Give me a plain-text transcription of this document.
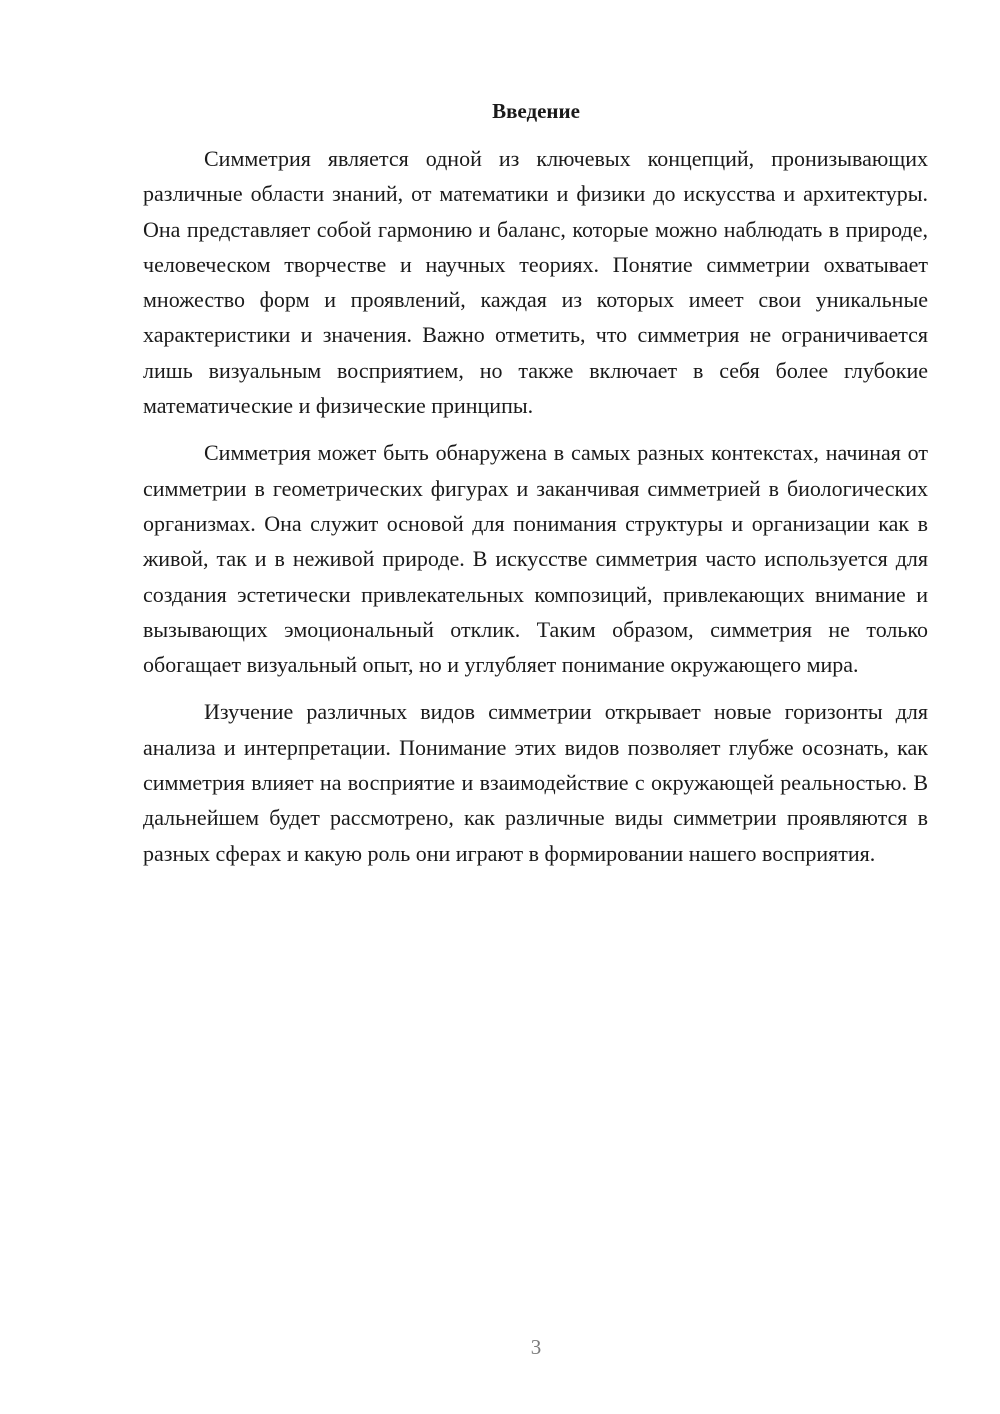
Введение

Симметрия является одной из ключевых концепций, пронизывающих различные области знаний, от математики и физики до искусства и архитектуры. Она представляет собой гармонию и баланс, которые можно наблюдать в природе, человеческом творчестве и научных теориях. Понятие симметрии охватывает множество форм и проявлений, каждая из которых имеет свои уникальные характеристики и значения. Важно отметить, что симметрия не ограничивается лишь визуальным восприятием, но также включает в себя более глубокие математические и физические принципы.

Симметрия может быть обнаружена в самых разных контекстах, начиная от симметрии в геометрических фигурах и заканчивая симметрией в биологических организмах. Она служит основой для понимания структуры и организации как в живой, так и в неживой природе. В искусстве симметрия часто используется для создания эстетически привлекательных композиций, привлекающих внимание и вызывающих эмоциональный отклик. Таким образом, симметрия не только обогащает визуальный опыт, но и углубляет понимание окружающего мира.

Изучение различных видов симметрии открывает новые горизонты для анализа и интерпретации. Понимание этих видов позволяет глубже осознать, как симметрия влияет на восприятие и взаимодействие с окружающей реальностью. В дальнейшем будет рассмотрено, как различные виды симметрии проявляются в разных сферах и какую роль они играют в формировании нашего восприятия.

3
